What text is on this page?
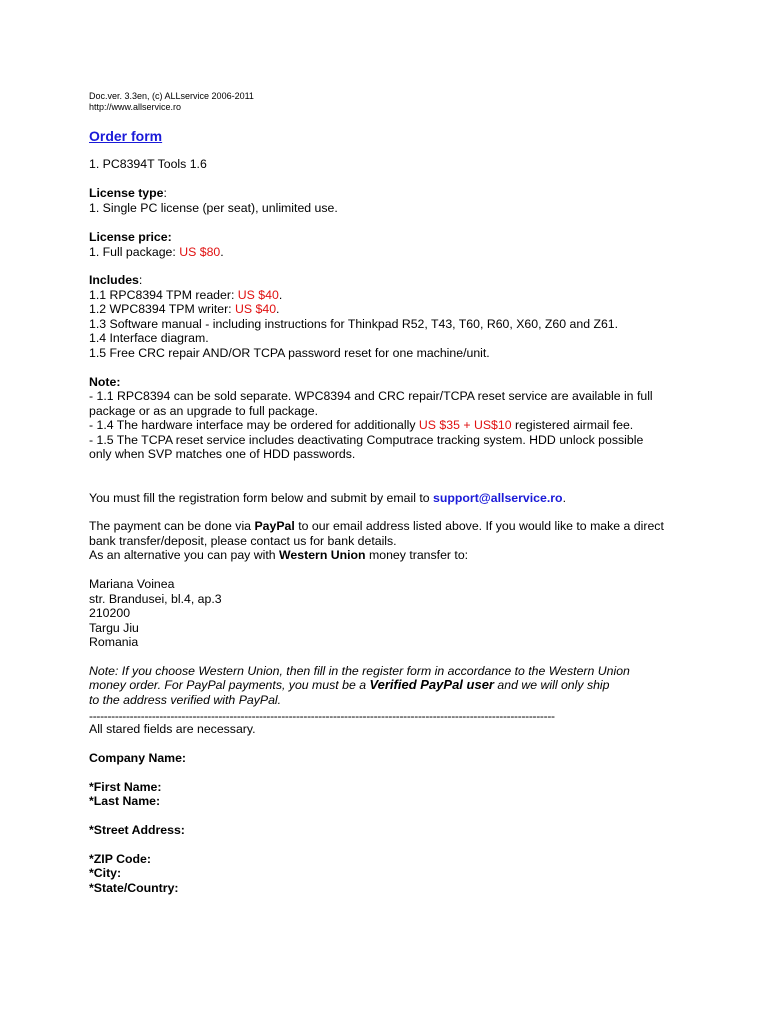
Doc.ver. 3.3en, (c) ALLservice 2006-2011
http://www.allservice.ro
Order form
1. PC8394T Tools 1.6
License type:
1. Single PC license (per seat), unlimited use.
License price:
1. Full package: US $80.
Includes:
1.1 RPC8394 TPM reader: US $40.
1.2 WPC8394 TPM writer: US $40.
1.3 Software manual - including instructions for Thinkpad R52, T43, T60, R60, X60, Z60 and Z61.
1.4 Interface diagram.
1.5 Free CRC repair AND/OR TCPA password reset for one machine/unit.
Note:
- 1.1 RPC8394 can be sold separate. WPC8394 and CRC repair/TCPA reset service are available in full
package or as an upgrade to full package.
- 1.4 The hardware interface may be ordered for additionally US $35 + US$10 registered airmail fee.
- 1.5 The TCPA reset service includes deactivating Computrace tracking system. HDD unlock possible
only when SVP matches one of HDD passwords.
You must fill the registration form below and submit by email to support@allservice.ro.
The payment can be done via PayPal to our email address listed above. If you would like to make a direct
bank transfer/deposit, please contact us for bank details.
As an alternative you can pay with Western Union money transfer to:
Mariana Voinea
str. Brandusei, bl.4, ap.3
210200
Targu Jiu
Romania
Note: If you choose Western Union, then fill in the register form in accordance to the Western Union
money order. For PayPal payments, you must be a Verified PayPal user and we will only ship
to the address verified with PayPal.
------------------------------------------------------------------------------------------------------------------------------
All stared fields are necessary.
Company Name:
*First Name:
*Last Name:
*Street Address:
*ZIP Code:
*City:
*State/Country:
